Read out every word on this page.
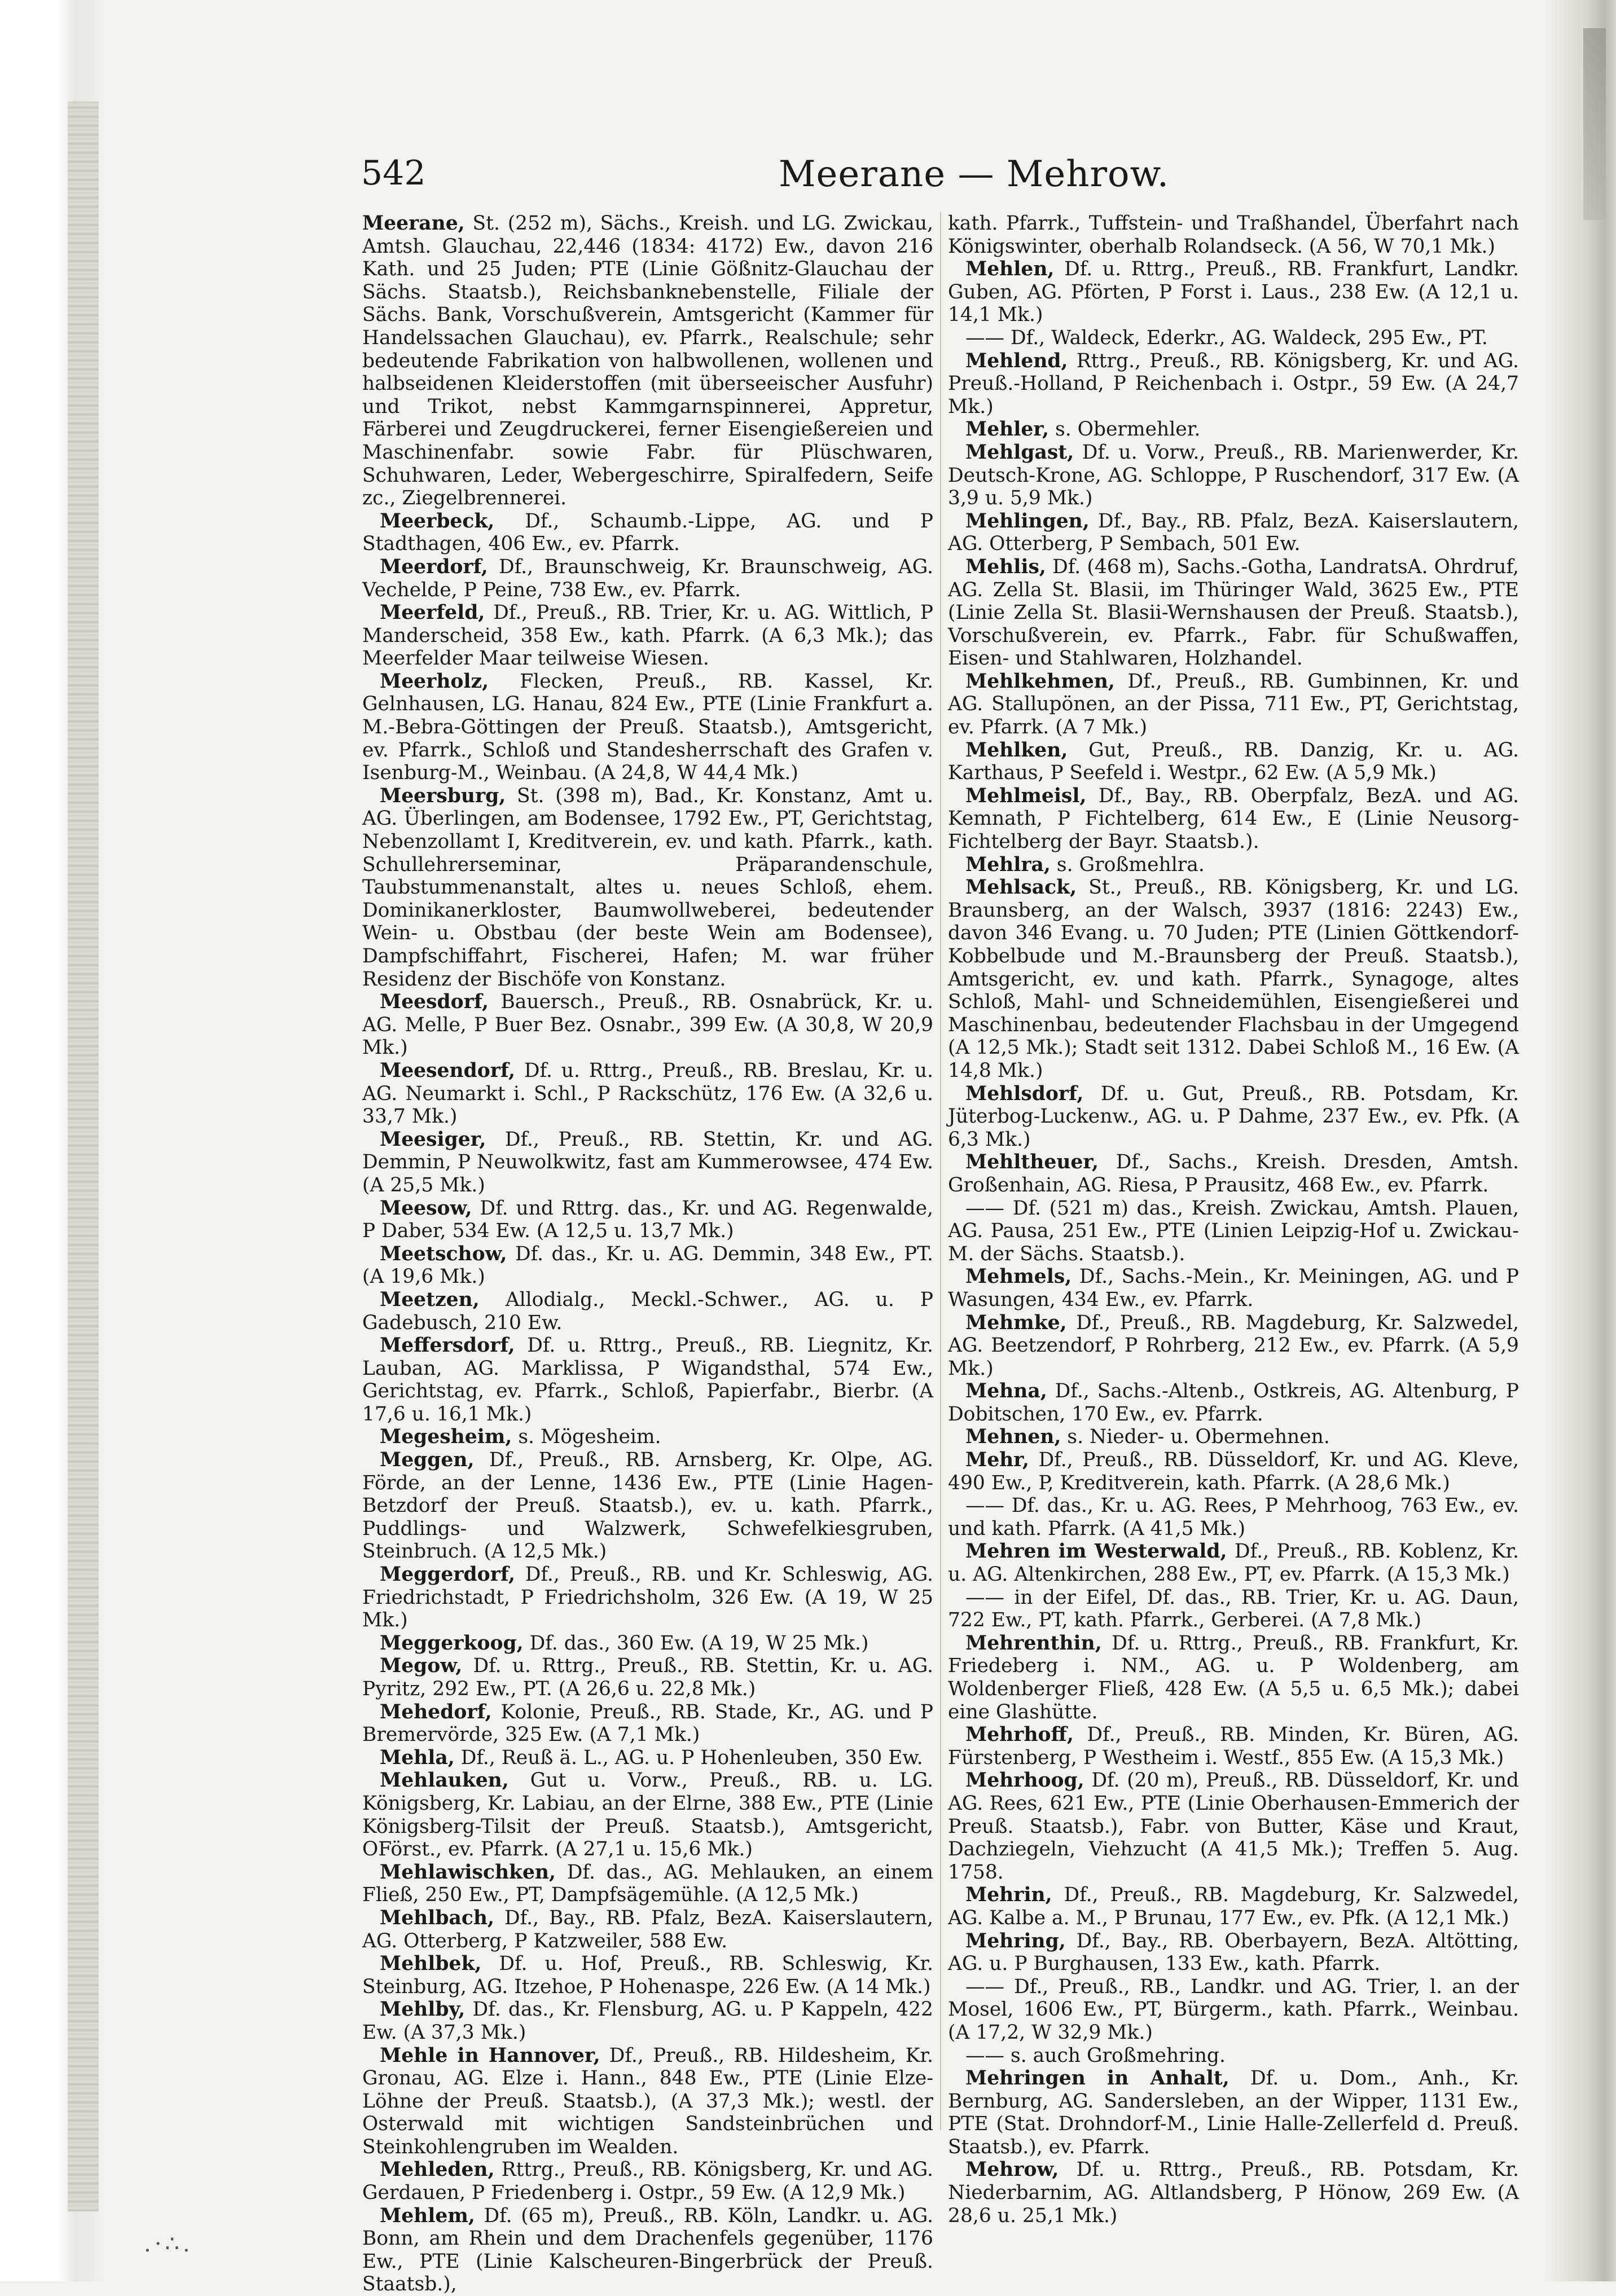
542	Meerane — Mehrow.

Meerane, St. (252 m), Sächs., Kreish. und LG. Zwickau, Amtsh. Glauchau, 22,446 (1834: 4172) Ew., davon 216 Kath. und 25 Juden; PTE (Linie Gößnitz-Glauchau der Sächs. Staatsb.), Reichsbanknebenstelle, Filiale der Sächs. Bank, Vorschußverein, Amtsgericht (Kammer für Handelssachen Glauchau), ev. Pfarrk., Realschule; sehr bedeutende Fabrikation von halbwollenen, wollenen und halbseidenen Kleiderstoffen (mit überseeischer Ausfuhr) und Trikot, nebst Kammgarnspinnerei, Appretur, Färberei und Zeugdruckerei, ferner Eisengießereien und Maschinenfabr. sowie Fabr. für Plüschwaren, Schuhwaren, Leder, Webergeschirre, Spiralfedern, Seife zc., Ziegelbrennerei.

Meerbeck, Df., Schaumb.-Lippe, AG. und P Stadthagen, 406 Ew., ev. Pfarrk.

Meerdorf, Df., Braunschweig, Kr. Braunschweig, AG. Vechelde, P Peine, 738 Ew., ev. Pfarrk.

Meerfeld, Df., Preuß., RB. Trier, Kr. u. AG. Wittlich, P Manderscheid, 358 Ew., kath. Pfarrk. (A 6,3 Mk.); das Meerfelder Maar teilweise Wiesen.

Meerholz, Flecken, Preuß., RB. Kassel, Kr. Gelnhausen, LG. Hanau, 824 Ew., PTE (Linie Frankfurt a. M.-Bebra-Göttingen der Preuß. Staatsb.), Amtsgericht, ev. Pfarrk., Schloß und Standesherrschaft des Grafen v. Isenburg-M., Weinbau. (A 24,8, W 44,4 Mk.)

Meersburg, St. (398 m), Bad., Kr. Konstanz, Amt u. AG. Überlingen, am Bodensee, 1792 Ew., PT, Gerichtstag, Nebenzollamt I, Kreditverein, ev. und kath. Pfarrk., kath. Schullehrerseminar, Präparandenschule, Taubstummenanstalt, altes u. neues Schloß, ehem. Dominikanerkloster, Baumwollweberei, bedeutender Wein- u. Obstbau (der beste Wein am Bodensee), Dampfschiffahrt, Fischerei, Hafen; M. war früher Residenz der Bischöfe von Konstanz.

Meesdorf, Bauersch., Preuß., RB. Osnabrück, Kr. u. AG. Melle, P Buer Bez. Osnabr., 399 Ew. (A 30,8, W 20,9 Mk.)

Meesendorf, Df. u. Rttrg., Preuß., RB. Breslau, Kr. u. AG. Neumarkt i. Schl., P Rackschütz, 176 Ew. (A 32,6 u. 33,7 Mk.)

Meesiger, Df., Preuß., RB. Stettin, Kr. und AG. Demmin, P Neuwolkwitz, fast am Kummerowsee, 474 Ew. (A 25,5 Mk.)

Meesow, Df. und Rttrg. das., Kr. und AG. Regenwalde, P Daber, 534 Ew. (A 12,5 u. 13,7 Mk.)

Meetschow, Df. das., Kr. u. AG. Demmin, 348 Ew., PT. (A 19,6 Mk.)

Meetzen, Allodialg., Meckl.-Schwer., AG. u. P Gadebusch, 210 Ew.

Meffersdorf, Df. u. Rttrg., Preuß., RB. Liegnitz, Kr. Lauban, AG. Marklissa, P Wigandsthal, 574 Ew., Gerichtstag, ev. Pfarrk., Schloß, Papierfabr., Bierbr. (A 17,6 u. 16,1 Mk.)

Megesheim, s. Mögesheim.

Meggen, Df., Preuß., RB. Arnsberg, Kr. Olpe, AG. Förde, an der Lenne, 1436 Ew., PTE (Linie Hagen-Betzdorf der Preuß. Staatsb.), ev. u. kath. Pfarrk., Puddlings- und Walzwerk, Schwefelkiesgruben, Steinbruch. (A 12,5 Mk.)

Meggerdorf, Df., Preuß., RB. und Kr. Schleswig, AG. Friedrichstadt, P Friedrichsholm, 326 Ew. (A 19, W 25 Mk.)

Meggerkoog, Df. das., 360 Ew. (A 19, W 25 Mk.)

Megow, Df. u. Rttrg., Preuß., RB. Stettin, Kr. u. AG. Pyritz, 292 Ew., PT. (A 26,6 u. 22,8 Mk.)

Mehedorf, Kolonie, Preuß., RB. Stade, Kr., AG. und P Bremervörde, 325 Ew. (A 7,1 Mk.)

Mehla, Df., Reuß ä. L., AG. u. P Hohenleuben, 350 Ew.

Mehlauken, Gut u. Vorw., Preuß., RB. u. LG. Königsberg, Kr. Labiau, an der Elrne, 388 Ew., PTE (Linie Königsberg-Tilsit der Preuß. Staatsb.), Amtsgericht, OFörst., ev. Pfarrk. (A 27,1 u. 15,6 Mk.)

Mehlawischken, Df. das., AG. Mehlauken, an einem Fließ, 250 Ew., PT, Dampfsägemühle. (A 12,5 Mk.)

Mehlbach, Df., Bay., RB. Pfalz, BezA. Kaiserslautern, AG. Otterberg, P Katzweiler, 588 Ew.

Mehlbek, Df. u. Hof, Preuß., RB. Schleswig, Kr. Steinburg, AG. Itzehoe, P Hohenaspe, 226 Ew. (A 14 Mk.)

Mehlby, Df. das., Kr. Flensburg, AG. u. P Kappeln, 422 Ew. (A 37,3 Mk.)

Mehle in Hannover, Df., Preuß., RB. Hildesheim, Kr. Gronau, AG. Elze i. Hann., 848 Ew., PTE (Linie Elze-Löhne der Preuß. Staatsb.), (A 37,3 Mk.); westl. der Osterwald mit wichtigen Sandsteinbrüchen und Steinkohlengruben im Wealden.

Mehleden, Rttrg., Preuß., RB. Königsberg, Kr. und AG. Gerdauen, P Friedenberg i. Ostpr., 59 Ew. (A 12,9 Mk.)

Mehlem, Df. (65 m), Preuß., RB. Köln, Landkr. u. AG. Bonn, am Rhein und dem Drachenfels gegenüber, 1176 Ew., PTE (Linie Kalscheuren-Bingerbrück der Preuß. Staatsb.),

kath. Pfarrk., Tuffstein- und Traßhandel, Überfahrt nach Königswinter, oberhalb Rolandseck. (A 56, W 70,1 Mk.)

Mehlen, Df. u. Rttrg., Preuß., RB. Frankfurt, Landkr. Guben, AG. Pförten, P Forst i. Laus., 238 Ew. (A 12,1 u. 14,1 Mk.)

—— Df., Waldeck, Ederkr., AG. Waldeck, 295 Ew., PT.

Mehlend, Rttrg., Preuß., RB. Königsberg, Kr. und AG. Preuß.-Holland, P Reichenbach i. Ostpr., 59 Ew. (A 24,7 Mk.)

Mehler, s. Obermehler.

Mehlgast, Df. u. Vorw., Preuß., RB. Marienwerder, Kr. Deutsch-Krone, AG. Schloppe, P Ruschendorf, 317 Ew. (A 3,9 u. 5,9 Mk.)

Mehlingen, Df., Bay., RB. Pfalz, BezA. Kaiserslautern, AG. Otterberg, P Sembach, 501 Ew.

Mehlis, Df. (468 m), Sachs.-Gotha, LandratsA. Ohrdruf, AG. Zella St. Blasii, im Thüringer Wald, 3625 Ew., PTE (Linie Zella St. Blasii-Wernshausen der Preuß. Staatsb.), Vorschußverein, ev. Pfarrk., Fabr. für Schußwaffen, Eisen- und Stahlwaren, Holzhandel.

Mehlkehmen, Df., Preuß., RB. Gumbinnen, Kr. und AG. Stallupönen, an der Pissa, 711 Ew., PT, Gerichtstag, ev. Pfarrk. (A 7 Mk.)

Mehlken, Gut, Preuß., RB. Danzig, Kr. u. AG. Karthaus, P Seefeld i. Westpr., 62 Ew. (A 5,9 Mk.)

Mehlmeisl, Df., Bay., RB. Oberpfalz, BezA. und AG. Kemnath, P Fichtelberg, 614 Ew., E (Linie Neusorg-Fichtelberg der Bayr. Staatsb.).

Mehlra, s. Großmehlra.

Mehlsack, St., Preuß., RB. Königsberg, Kr. und LG. Braunsberg, an der Walsch, 3937 (1816: 2243) Ew., davon 346 Evang. u. 70 Juden; PTE (Linien Göttkendorf-Kobbelbude und M.-Braunsberg der Preuß. Staatsb.), Amtsgericht, ev. und kath. Pfarrk., Synagoge, altes Schloß, Mahl- und Schneidemühlen, Eisengießerei und Maschinenbau, bedeutender Flachsbau in der Umgegend (A 12,5 Mk.); Stadt seit 1312. Dabei Schloß M., 16 Ew. (A 14,8 Mk.)

Mehlsdorf, Df. u. Gut, Preuß., RB. Potsdam, Kr. Jüterbog-Luckenw., AG. u. P Dahme, 237 Ew., ev. Pfk. (A 6,3 Mk.)

Mehltheuer, Df., Sachs., Kreish. Dresden, Amtsh. Großenhain, AG. Riesa, P Prausitz, 468 Ew., ev. Pfarrk.

—— Df. (521 m) das., Kreish. Zwickau, Amtsh. Plauen, AG. Pausa, 251 Ew., PTE (Linien Leipzig-Hof u. Zwickau-M. der Sächs. Staatsb.).

Mehmels, Df., Sachs.-Mein., Kr. Meiningen, AG. und P Wasungen, 434 Ew., ev. Pfarrk.

Mehmke, Df., Preuß., RB. Magdeburg, Kr. Salzwedel, AG. Beetzendorf, P Rohrberg, 212 Ew., ev. Pfarrk. (A 5,9 Mk.)

Mehna, Df., Sachs.-Altenb., Ostkreis, AG. Altenburg, P Dobitschen, 170 Ew., ev. Pfarrk.

Mehnen, s. Nieder- u. Obermehnen.

Mehr, Df., Preuß., RB. Düsseldorf, Kr. und AG. Kleve, 490 Ew., P, Kreditverein, kath. Pfarrk. (A 28,6 Mk.)

—— Df. das., Kr. u. AG. Rees, P Mehrhoog, 763 Ew., ev. und kath. Pfarrk. (A 41,5 Mk.)

Mehren im Westerwald, Df., Preuß., RB. Koblenz, Kr. u. AG. Altenkirchen, 288 Ew., PT, ev. Pfarrk. (A 15,3 Mk.)

—— in der Eifel, Df. das., RB. Trier, Kr. u. AG. Daun, 722 Ew., PT, kath. Pfarrk., Gerberei. (A 7,8 Mk.)

Mehrenthin, Df. u. Rttrg., Preuß., RB. Frankfurt, Kr. Friedeberg i. NM., AG. u. P Woldenberg, am Woldenberger Fließ, 428 Ew. (A 5,5 u. 6,5 Mk.); dabei eine Glashütte.

Mehrhoff, Df., Preuß., RB. Minden, Kr. Büren, AG. Fürstenberg, P Westheim i. Westf., 855 Ew. (A 15,3 Mk.)

Mehrhoog, Df. (20 m), Preuß., RB. Düsseldorf, Kr. und AG. Rees, 621 Ew., PTE (Linie Oberhausen-Emmerich der Preuß. Staatsb.), Fabr. von Butter, Käse und Kraut, Dachziegeln, Viehzucht (A 41,5 Mk.); Treffen 5. Aug. 1758.

Mehrin, Df., Preuß., RB. Magdeburg, Kr. Salzwedel, AG. Kalbe a. M., P Brunau, 177 Ew., ev. Pfk. (A 12,1 Mk.)

Mehring, Df., Bay., RB. Oberbayern, BezA. Altötting, AG. u. P Burghausen, 133 Ew., kath. Pfarrk.

—— Df., Preuß., RB., Landkr. und AG. Trier, l. an der Mosel, 1606 Ew., PT, Bürgerm., kath. Pfarrk., Weinbau. (A 17,2, W 32,9 Mk.)

—— s. auch Großmehring.

Mehringen in Anhalt, Df. u. Dom., Anh., Kr. Bernburg, AG. Sandersleben, an der Wipper, 1131 Ew., PTE (Stat. Drohndorf-M., Linie Halle-Zellerfeld d. Preuß. Staatsb.), ev. Pfarrk.

Mehrow, Df. u. Rttrg., Preuß., RB. Potsdam, Kr. Niederbarnim, AG. Altlandsberg, P Hönow, 269 Ew. (A 28,6 u. 25,1 Mk.)

.·∴.
